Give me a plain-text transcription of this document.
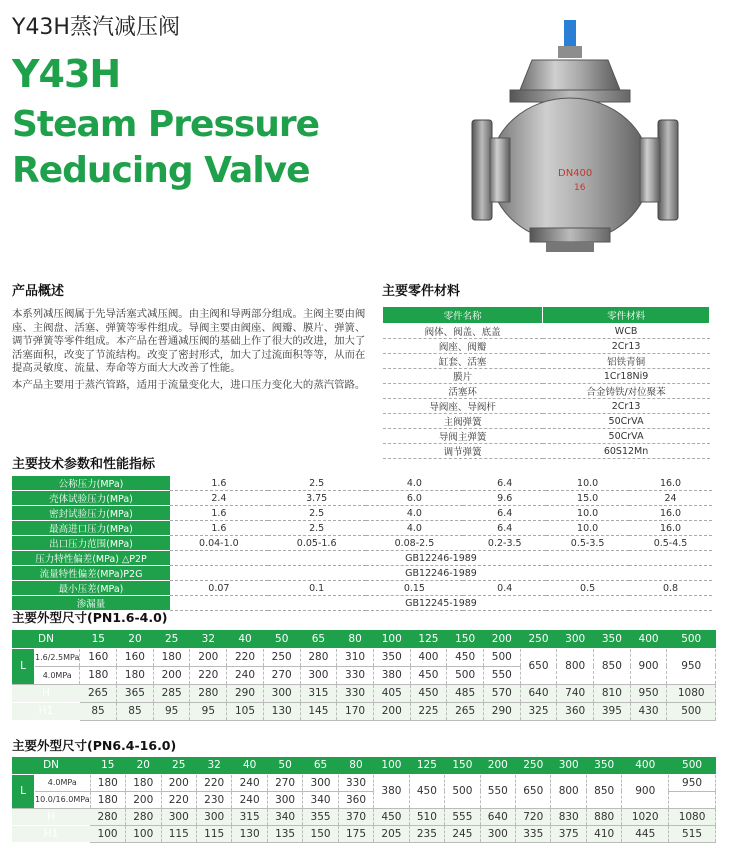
Y43H蒸汽减压阀
Y43H
Steam Pressure
Reducing Valve	DN400
16
产品概述

本系列减压阀属于先导活塞式减压阀。由主阀和导两部分组成。主阀主要由阀座、主阀盘、活塞、弹簧等零件组成。导阀主要由阀座、阀瓣、膜片、弹簧、调节弹簧等零件组成。本产品在普通减压阀的基础上作了很大的改进，加大了活塞面积，改变了节流结构。改变了密封形式，加大了过流面积等等，从而在提高灵敏度、流量、寿命等方面大大改善了性能。

本产品主要用于蒸汽管路，适用于流量变化大，进口压力变化大的蒸汽管路。

主要零件材料
零件名称	零件材料
阀体、阀盖、底盖	WCB
阀座、阀瓣	2Cr13
缸套、活塞	铝铁青铜
膜片	1Cr18Ni9
活塞环	合金铸铁/对位聚苯
导阀座、导阀杆	2Cr13
主阀弹簧	50CrVA
导阀主弹簧	50CrVA
调节弹簧	60S12Mn
主要技术参数和性能指标
公称压力(MPa)	1.6	2.5	4.0	6.4	10.0	16.0
壳体试验压力(MPa)	2.4	3.75	6.0	9.6	15.0	24
密封试验压力(MPa)	1.6	2.5	4.0	6.4	10.0	16.0
最高进口压力(MPa)	1.6	2.5	4.0	6.4	10.0	16.0
出口压力范围(MPa)	0.04-1.0	0.05-1.6	0.08-2.5	0.2-3.5	0.5-3.5	0.5-4.5
压力特性偏差(MPa) △P2P	GB12246-1989					
流量特性偏差(MPa)P2G	GB12246-1989					
最小压差(MPa)	0.07	0.1	0.15	0.4	0.5	0.8
渗漏量	GB12245-1989					
主要外型尺寸(PN1.6-4.0)
DN		15	20	25	32	40	50	65	80	100	125	150	200	250	300	350	400	500
L	1.6/2.5MPa	160	160	180	200	220	250	280	310	350	400	450	500	650	800	850	900	950
	4.0MPa	180	180	200	220	240	270	300	330	380	450	500	550					
H		265	365	285	280	290	300	315	330	405	450	485	570	640	740	810	950	1080
H1		85	85	95	95	105	130	145	170	200	225	265	290	325	360	395	430	500
主要外型尺寸(PN6.4-16.0)
DN		15	20	25	32	40	50	65	80	100	125	150	200	250	300	350	400	500
L	4.0MPa	180	180	200	220	240	270	300	330	380	450	500	550	650	800	850	900	950
	10.0/16.0MPa	180	200	220	230	240	300	340	360									
H		280	280	300	300	315	340	355	370	450	510	555	640	720	830	880	1020	1080
H1		100	100	115	115	130	135	150	175	205	235	245	300	335	375	410	445	515
